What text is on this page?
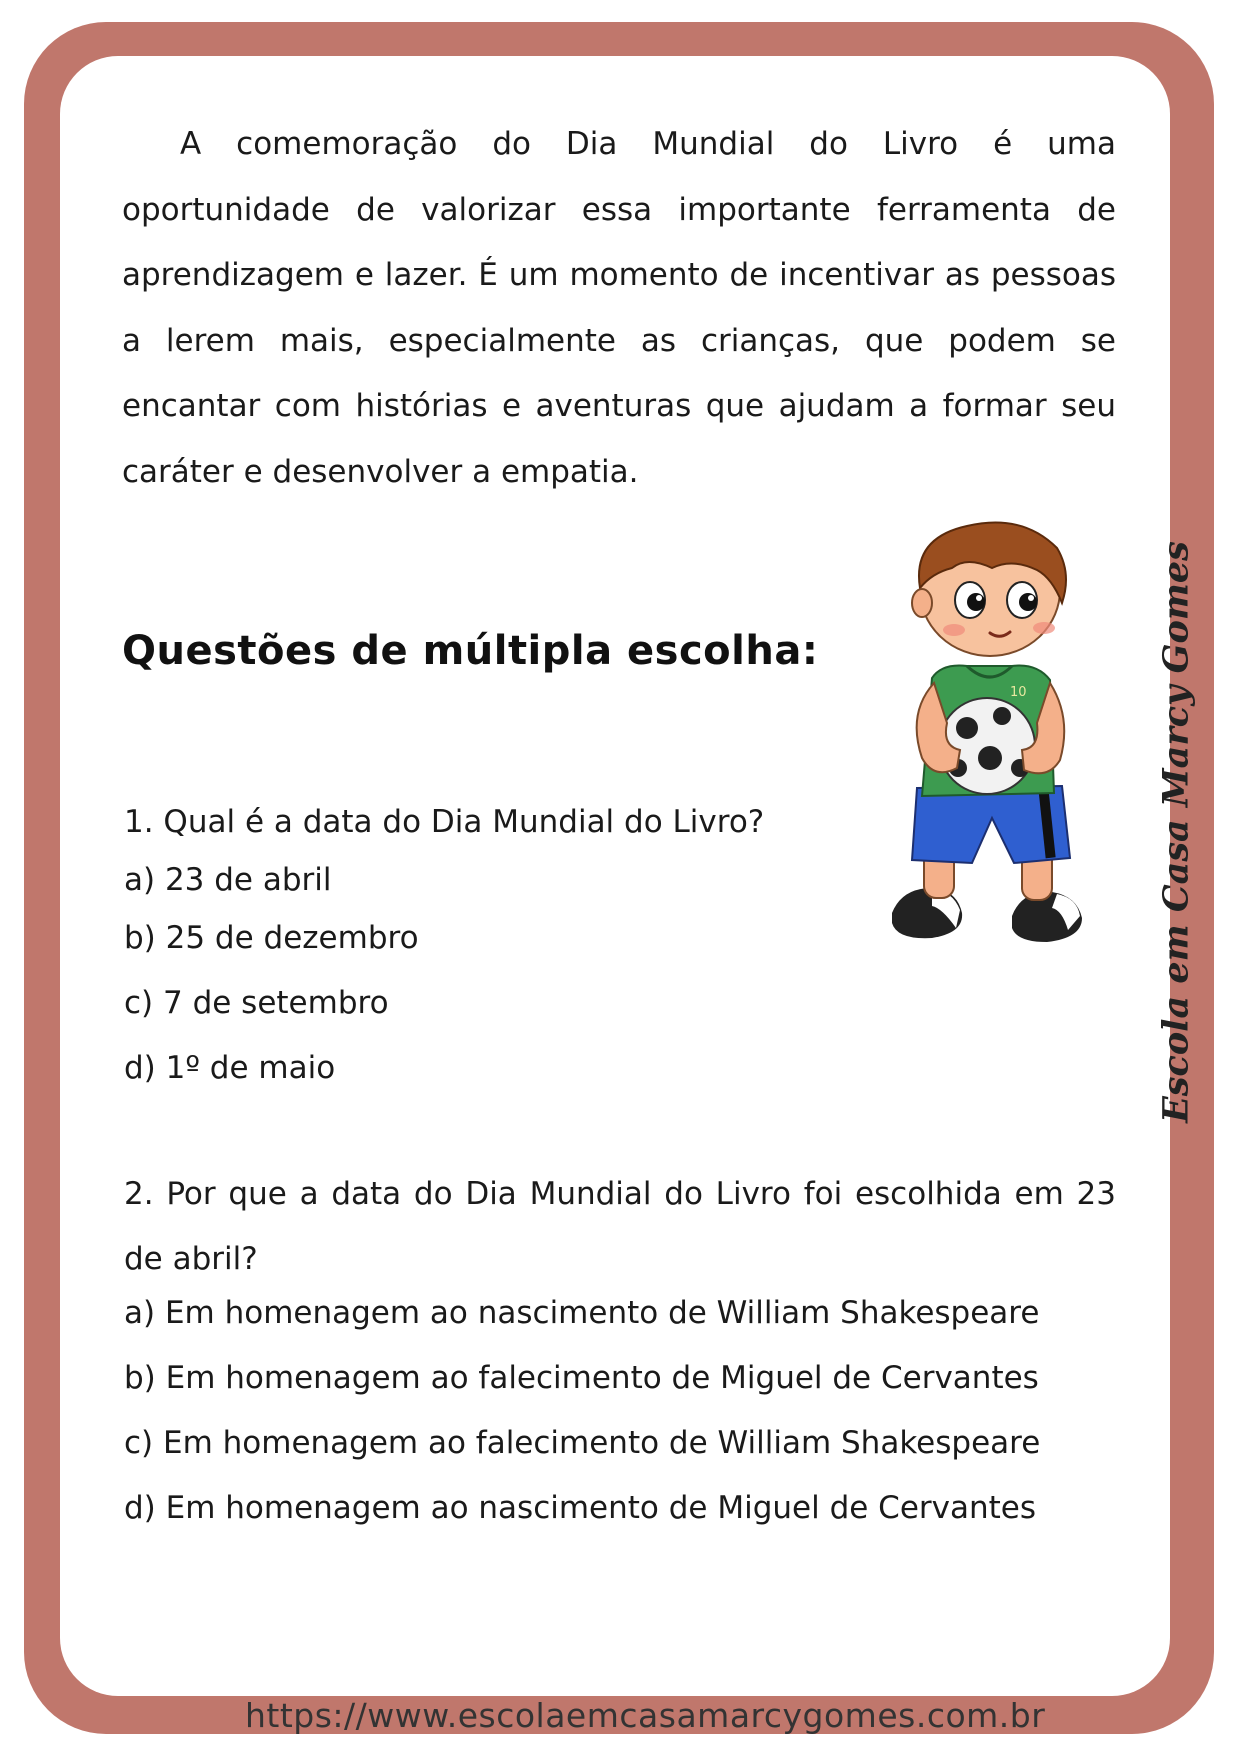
A comemoração do Dia Mundial do Livro é uma oportunidade de valorizar essa importante ferramenta de aprendizagem e lazer. É um momento de incentivar as pessoas a lerem mais, especialmente as crianças, que podem se encantar com histórias e aventuras que ajudam a formar seu caráter e desenvolver a empatia.

Questões de múltipla escolha:

1. Qual é a data do Dia Mundial do Livro?

a) 23 de abril

b) 25 de dezembro

c) 7 de setembro

d) 1º de maio

2. Por que a data do Dia Mundial do Livro foi escolhida em 23 de abril?

a) Em homenagem ao nascimento de William Shakespeare

b) Em homenagem ao falecimento de Miguel de Cervantes

c) Em homenagem ao falecimento de William Shakespeare

d) Em homenagem ao nascimento de Miguel de Cervantes

10	Escola em Casa Marcy Gomes
https://www.escolaemcasamarcygomes.com.br
